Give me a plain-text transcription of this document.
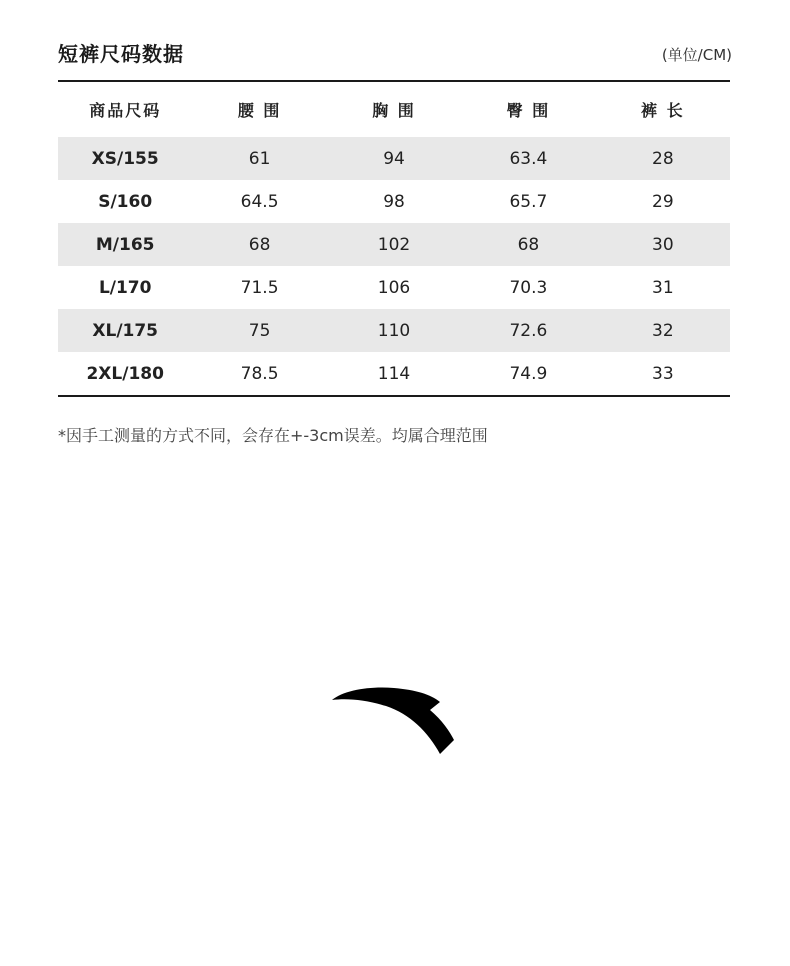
短裤尺码数据	(单位/CM)
商品尺码	腰 围	胸 围	臀 围	裤 长
XS/155	61	94	63.4	28
S/160	64.5	98	65.7	29
M/165	68	102	68	30
L/170	71.5	106	70.3	31
XL/175	75	110	72.6	32
2XL/180	78.5	114	74.9	33
*因手工测量的方式不同，会存在+-3cm误差。均属合理范围
